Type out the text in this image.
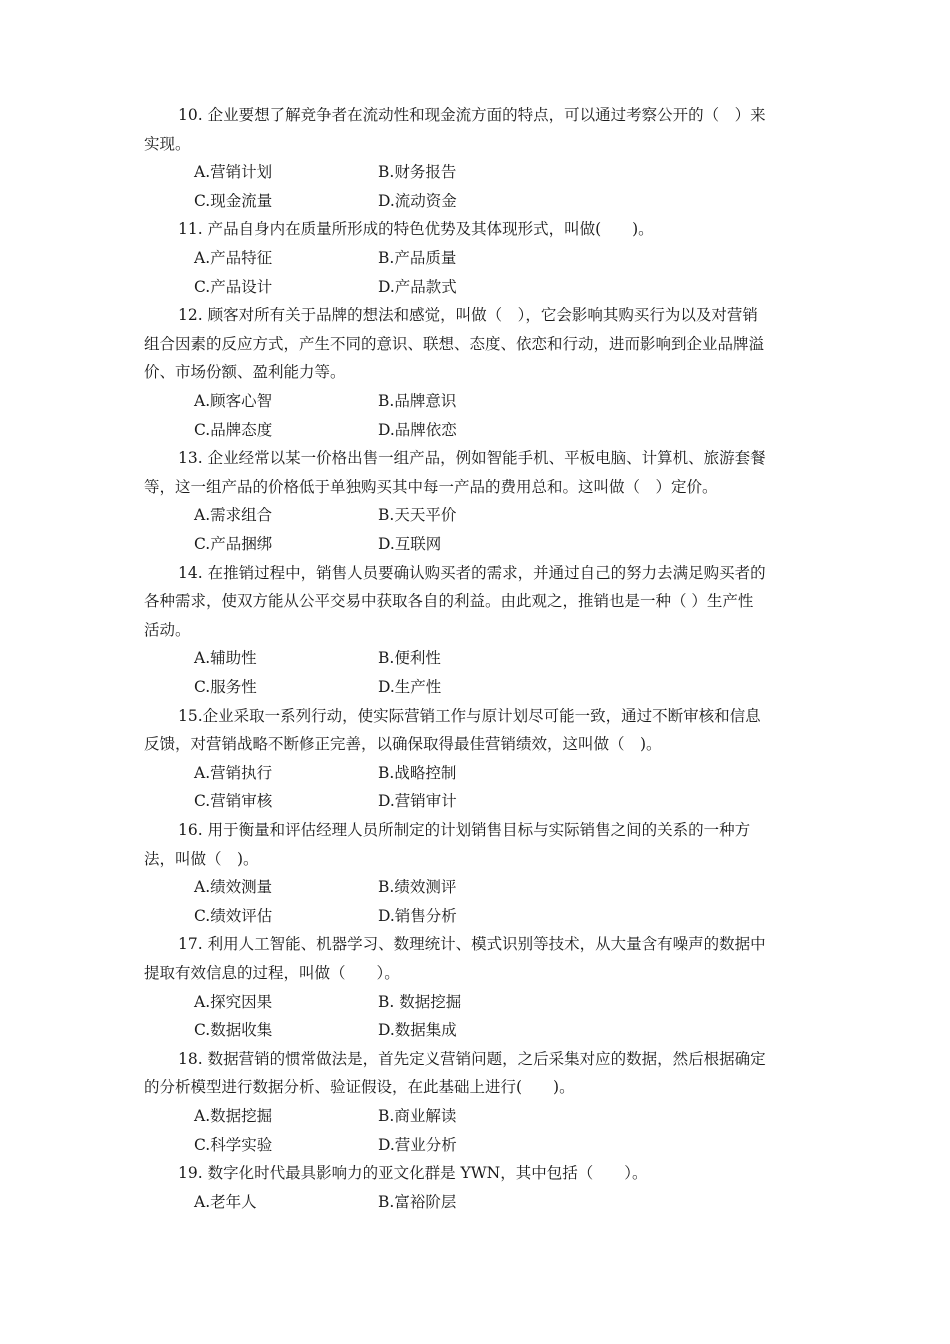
10. 企业要想了解竞争者在流动性和现金流方面的特点，可以通过考察公开的（　）来
实现。
A.营销计划	B.财务报告
C.现金流量	D.流动资金
11. 产品自身内在质量所形成的特色优势及其体现形式，叫做(　　)。
A.产品特征	B.产品质量
C.产品设计	D.产品款式
12. 顾客对所有关于品牌的想法和感觉，叫做（　），它会影响其购买行为以及对营销
组合因素的反应方式，产生不同的意识、联想、态度、依恋和行动，进而影响到企业品牌溢
价、市场份额、盈利能力等。
A.顾客心智	B.品牌意识
C.品牌态度	D.品牌依恋
13. 企业经常以某一价格出售一组产品，例如智能手机、平板电脑、计算机、旅游套餐
等，这一组产品的价格低于单独购买其中每一产品的费用总和。这叫做（　）定价。
A.需求组合	B.天天平价
C.产品捆绑	D.互联网
14. 在推销过程中，销售人员要确认购买者的需求，并通过自己的努力去满足购买者的
各种需求，使双方能从公平交易中获取各自的利益。由此观之，推销也是一种（ ）生产性
活动。
A.辅助性	B.便利性
C.服务性	D.生产性
15.企业采取一系列行动，使实际营销工作与原计划尽可能一致，通过不断审核和信息
反馈，对营销战略不断修正完善，以确保取得最佳营销绩效，这叫做（　)。
A.营销执行	B.战略控制
C.营销审核	D.营销审计
16. 用于衡量和评估经理人员所制定的计划销售目标与实际销售之间的关系的一种方
法，叫做（　)。
A.绩效测量	B.绩效测评
C.绩效评估	D.销售分析
17. 利用人工智能、机器学习、数理统计、模式识别等技术，从大量含有噪声的数据中
提取有效信息的过程，叫做（　　）。
A.探究因果	B. 数据挖掘
C.数据收集	D.数据集成
18. 数据营销的惯常做法是，首先定义营销问题，之后采集对应的数据，然后根据确定
的分析模型进行数据分析、验证假设，在此基础上进行(　　)。
A.数据挖掘	B.商业解读
C.科学实验	D.营业分析
19. 数字化时代最具影响力的亚文化群是 YWN，其中包括（　　）。
A.老年人	B.富裕阶层
